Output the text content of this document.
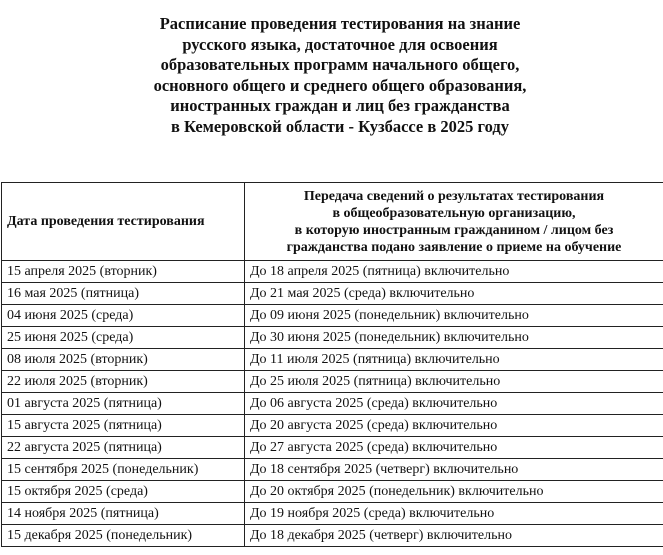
Расписание проведения тестирования на знание
русского языка, достаточное для освоения
образовательных программ начального общего,
основного общего и среднего общего образования,
иностранных граждан и лиц без гражданства
в Кемеровской области - Кузбассе в 2025 году
Дата проведения тестирования	Передача сведений о результатах тестирования
в общеобразовательную организацию,
в которую иностранным гражданином / лицом без
гражданства подано заявление о приеме на обучение

15 апреля 2025 (вторник)	До 18 апреля 2025 (пятница) включительно
16 мая 2025 (пятница)	До 21 мая 2025 (среда) включительно
04 июня 2025 (среда)	До 09 июня 2025 (понедельник) включительно
25 июня 2025 (среда)	До 30 июня 2025 (понедельник) включительно
08 июля 2025 (вторник)	До 11 июля 2025 (пятница) включительно
22 июля 2025 (вторник)	До 25 июля 2025 (пятница) включительно
01 августа 2025 (пятница)	До 06 августа 2025 (среда) включительно
15 августа 2025 (пятница)	До 20 августа 2025 (среда) включительно
22 августа 2025 (пятница)	До 27 августа 2025 (среда) включительно
15 сентября 2025 (понедельник)	До 18 сентября 2025 (четверг) включительно
15 октября 2025 (среда)	До 20 октября 2025 (понедельник) включительно
14 ноября 2025 (пятница)	До 19 ноября 2025 (среда) включительно
15 декабря 2025 (понедельник)	До 18 декабря 2025 (четверг) включительно
